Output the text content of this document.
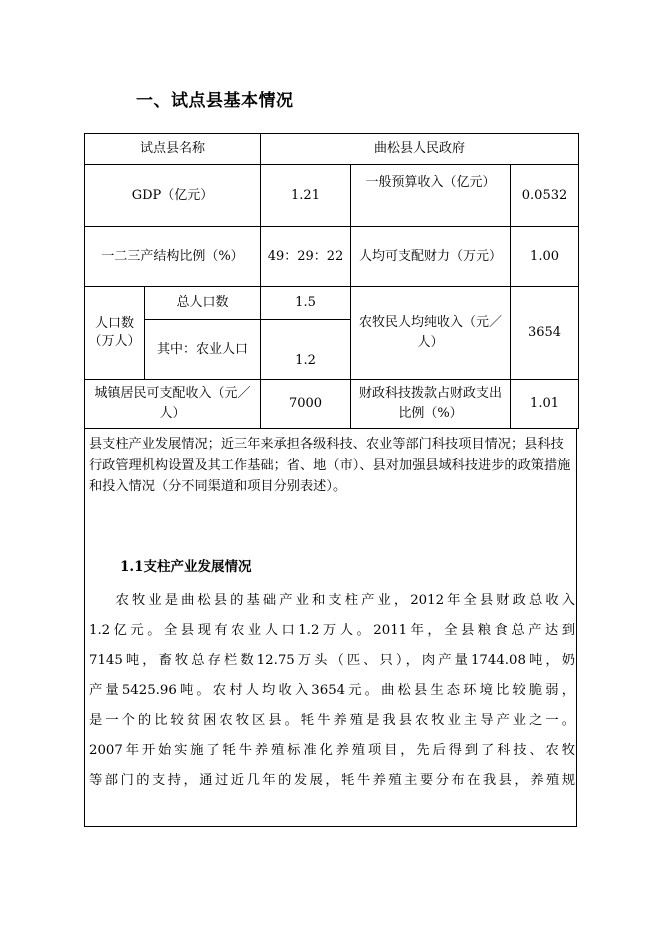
一、试点县基本情况
试点县名称		曲松县人民政府		
GDP（亿元）		1.21	一般预算收入（亿元）	0.0532
一二三产结构比例（%）		49：29：22	人均可支配财力（万元）	1.00
人口数（万人）	总人口数	1.5	农牧民人均纯收入（元／人）	3654
	其中：农业人口	1.2		
城镇居民可支配收入（元／人）		7000	财政科技拨款占财政支出比例（%）	1.01
县支柱产业发展情况；近三年来承担各级科技、农业等部门科技项目情况；县科技行政管理机构设置及其工作基础；省、地（市）、县对加强县域科技进步的政策措施和投入情况（分不同渠道和项目分别表述）。
1.1支柱产业发展情况
农牧业是曲松县的基础产业和支柱产业，2012年全县财政总收入
1.2亿元。全县现有农业人口1.2万人。2011年，全县粮食总产达到
7145吨，畜牧总存栏数12.75万头（匹、只），肉产量1744.08吨，奶
产量5425.96吨。农村人均收入3654元。曲松县生态环境比较脆弱，
是一个的比较贫困农牧区县。牦牛养殖是我县农牧业主导产业之一。
2007年开始实施了牦牛养殖标准化养殖项目，先后得到了科技、农牧
等部门的支持，通过近几年的发展，牦牛养殖主要分布在我县，养殖规
